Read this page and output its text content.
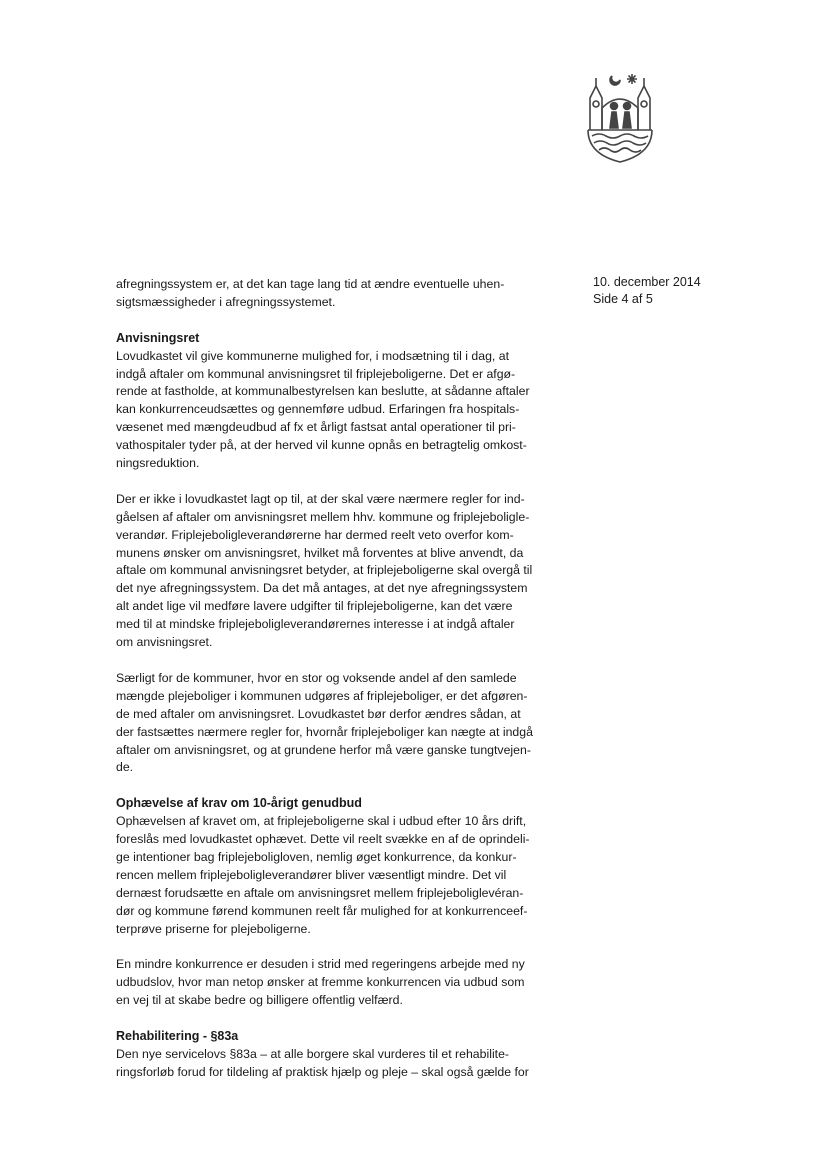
10. december 2014
Side 4 af 5
afregningssystem er, at det kan tage lang tid at ændre eventuelle uhen-
sigtsmæssigheder i afregningssystemet.
Anvisningsret
Lovudkastet vil give kommunerne mulighed for, i modsætning til i dag, at
indgå aftaler om kommunal anvisningsret til friplejeboligerne. Det er afgø-
rende at fastholde, at kommunalbestyrelsen kan beslutte, at sådanne aftaler
kan konkurrenceudsættes og gennemføre udbud. Erfaringen fra hospitals-
væsenet med mængdeudbud af fx et årligt fastsat antal operationer til pri-
vathospitaler tyder på, at der herved vil kunne opnås en betragtelig omkost-
ningsreduktion.
Der er ikke i lovudkastet lagt op til, at der skal være nærmere regler for ind-
gåelsen af aftaler om anvisningsret mellem hhv. kommune og friplejeboligle-
verandør. Friplejeboligleverandørerne har dermed reelt veto overfor kom-
munens ønsker om anvisningsret, hvilket må forventes at blive anvendt, da
aftale om kommunal anvisningsret betyder, at friplejeboligerne skal overgå til
det nye afregningssystem. Da det må antages, at det nye afregningssystem
alt andet lige vil medføre lavere udgifter til friplejeboligerne, kan det være
med til at mindske friplejeboligleverandørernes interesse i at indgå aftaler
om anvisningsret.
Særligt for de kommuner, hvor en stor og voksende andel af den samlede
mængde plejeboliger i kommunen udgøres af friplejeboliger, er det afgøren-
de med aftaler om anvisningsret. Lovudkastet bør derfor ændres sådan, at
der fastsættes nærmere regler for, hvornår friplejeboliger kan nægte at indgå
aftaler om anvisningsret, og at grundene herfor må være ganske tungtvejen-
de.
Ophævelse af krav om 10-årigt genudbud
Ophævelsen af kravet om, at friplejeboligerne skal i udbud efter 10 års drift,
foreslås med lovudkastet ophævet. Dette vil reelt svække en af de oprindeli-
ge intentioner bag friplejeboligloven, nemlig øget konkurrence, da konkur-
rencen mellem friplejeboligleverandører bliver væsentligt mindre. Det vil
dernæst forudsætte en aftale om anvisningsret mellem friplejeboliglevéran-
dør og kommune førend kommunen reelt får mulighed for at konkurrenceef-
terprøve priserne for plejeboligerne.
En mindre konkurrence er desuden i strid med regeringens arbejde med ny
udbudslov, hvor man netop ønsker at fremme konkurrencen via udbud som
en vej til at skabe bedre og billigere offentlig velfærd.
Rehabilitering - §83a
Den nye servicelovs §83a – at alle borgere skal vurderes til et rehabilite-
ringsforløb forud for tildeling af praktisk hjælp og pleje – skal også gælde for
